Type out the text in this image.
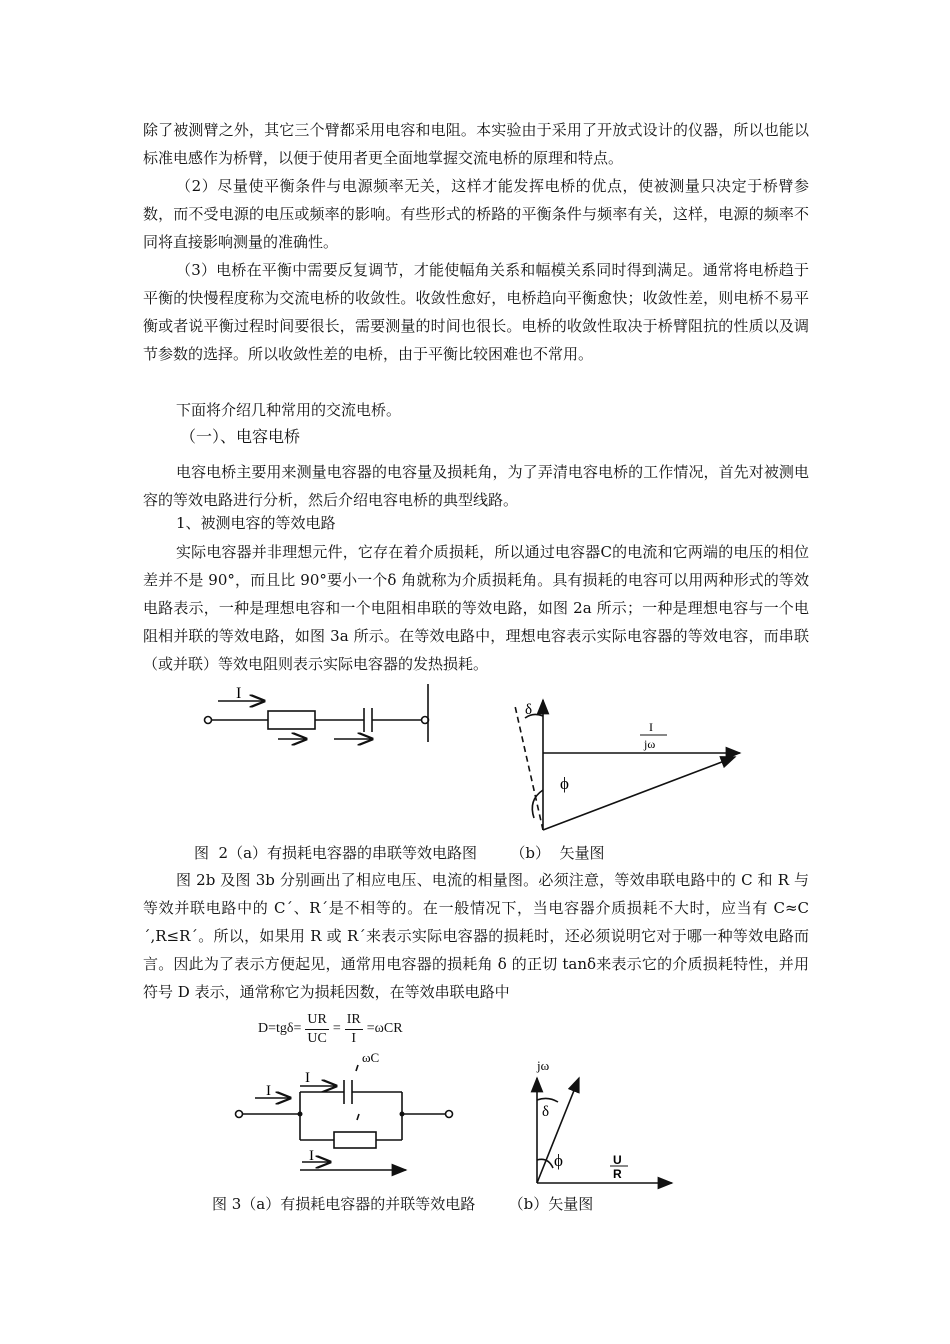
除了被测臂之外，其它三个臂都采用电容和电阻。本实验由于采用了开放式设计的仪器，所以也能以标准电感作为桥臂，以便于使用者更全面地掌握交流电桥的原理和特点。

（2）尽量使平衡条件与电源频率无关，这样才能发挥电桥的优点，使被测量只决定于桥臂参数，而不受电源的电压或频率的影响。有些形式的桥路的平衡条件与频率有关，这样，电源的频率不同将直接影响测量的准确性。

（3）电桥在平衡中需要反复调节，才能使幅角关系和幅模关系同时得到满足。通常将电桥趋于平衡的快慢程度称为交流电桥的收敛性。收敛性愈好，电桥趋向平衡愈快；收敛性差，则电桥不易平衡或者说平衡过程时间要很长，需要测量的时间也很长。电桥的收敛性取决于桥臂阻抗的性质以及调节参数的选择。所以收敛性差的电桥，由于平衡比较困难也不常用。

下面将介绍几种常用的交流电桥。

（一）、电容电桥

电容电桥主要用来测量电容器的电容量及损耗角，为了弄清电容电桥的工作情况，首先对被测电容的等效电路进行分析，然后介绍电容电桥的典型线路。

1、被测电容的等效电路

实际电容器并非理想元件，它存在着介质损耗，所以通过电容器C的电流和它两端的电压的相位差并不是 90°，而且比 90°要小一个δ 角就称为介质损耗角。具有损耗的电容可以用两种形式的等效电路表示，一种是理想电容和一个电阻相串联的等效电路，如图 2a 所示；一种是理想电容与一个电阻相并联的等效电路，如图 3a 所示。在等效电路中，理想电容表示实际电容器的等效电容，而串联（或并联）等效电阻则表示实际电容器的发热损耗。

I
δ
ϕ
I
jω
图  2（a）有损耗电容器的串联等效电路图       （b）  矢量图

图 2b 及图 3b 分别画出了相应电压、电流的相量图。必须注意，等效串联电路中的 C 和 R 与等效并联电路中的 C´、R´是不相等的。在一般情况下，当电容器介质损耗不大时，应当有 C≈C´,R≤R´。所以，如果用 R 或 R´来表示实际电容器的损耗时，还必须说明它对于哪一种等效电路而言。因此为了表示方便起见，通常用电容器的损耗角 δ 的正切 tanδ来表示它的介质损耗特性，并用符号 D 表示，通常称它为损耗因数，在等效串联电路中

$D=tg\delta= \frac{UR}{UC} = \frac{IR}{I} =\omega CR$
ωC
I
I
I
jω
δ
ϕ	U
R
图 3（a）有损耗电容器的并联等效电路       （b）矢量图
